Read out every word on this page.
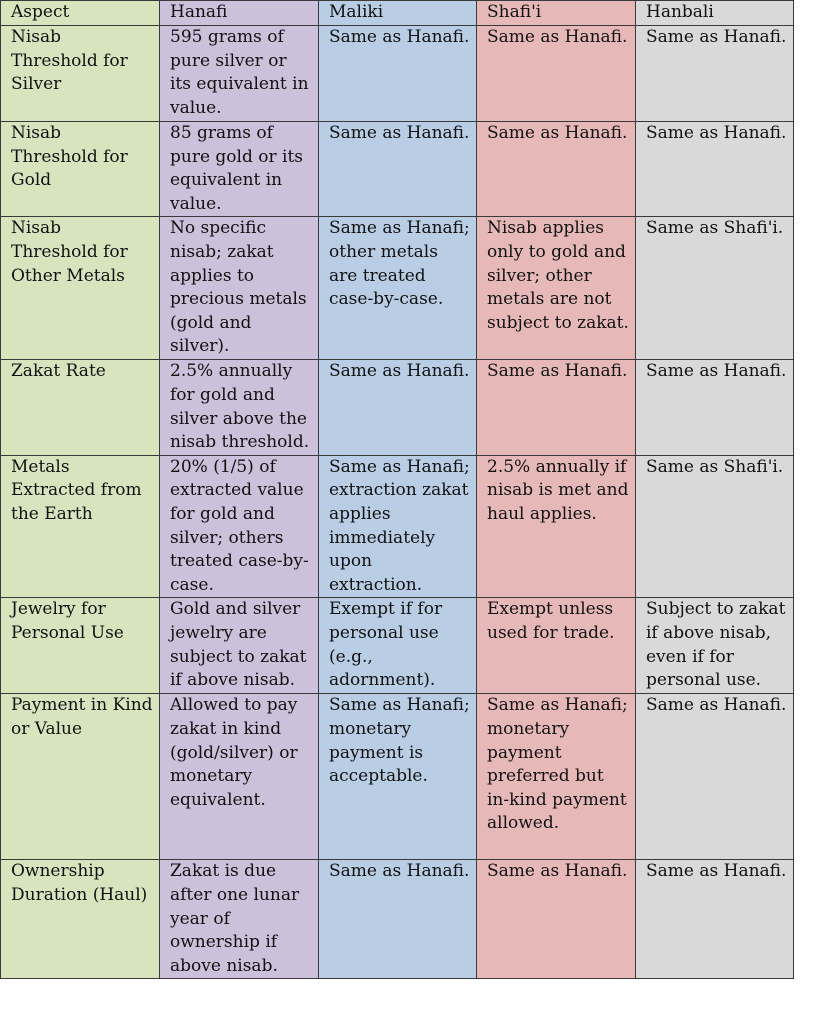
Aspect	Hanafi	Maliki	Shafi'i	Hanbali
Nisab Threshold for Silver	595 grams of pure silver or its equivalent in value.	Same as Hanafi.	Same as Hanafi.	Same as Hanafi.
Nisab Threshold for Gold	85 grams of pure gold or its equivalent in value.	Same as Hanafi.	Same as Hanafi.	Same as Hanafi.
Nisab Threshold for Other Metals	No specific nisab; zakat applies to precious metals (gold and silver).	Same as Hanafi; other metals are treated case-by-case.	Nisab applies only to gold and silver; other metals are not subject to zakat.	Same as Shafi'i.
Zakat Rate	2.5% annually for gold and silver above the nisab threshold.	Same as Hanafi.	Same as Hanafi.	Same as Hanafi.
Metals Extracted from the Earth	20% (1/5) of extracted value for gold and silver; others treated case-by-case.	Same as Hanafi; extraction zakat applies immediately upon extraction.	2.5% annually if nisab is met and haul applies.	Same as Shafi'i.
Jewelry for Personal Use	Gold and silver jewelry are subject to zakat if above nisab.	Exempt if for personal use (e.g., adornment).	Exempt unless used for trade.	Subject to zakat if above nisab, even if for personal use.
Payment in Kind or Value	Allowed to pay zakat in kind (gold/silver) or monetary equivalent.	Same as Hanafi; monetary payment is acceptable.	Same as Hanafi; monetary payment preferred but in-kind payment allowed.	Same as Hanafi.
Ownership Duration (Haul)	Zakat is due after one lunar year of ownership if above nisab.	Same as Hanafi.	Same as Hanafi.	Same as Hanafi.
